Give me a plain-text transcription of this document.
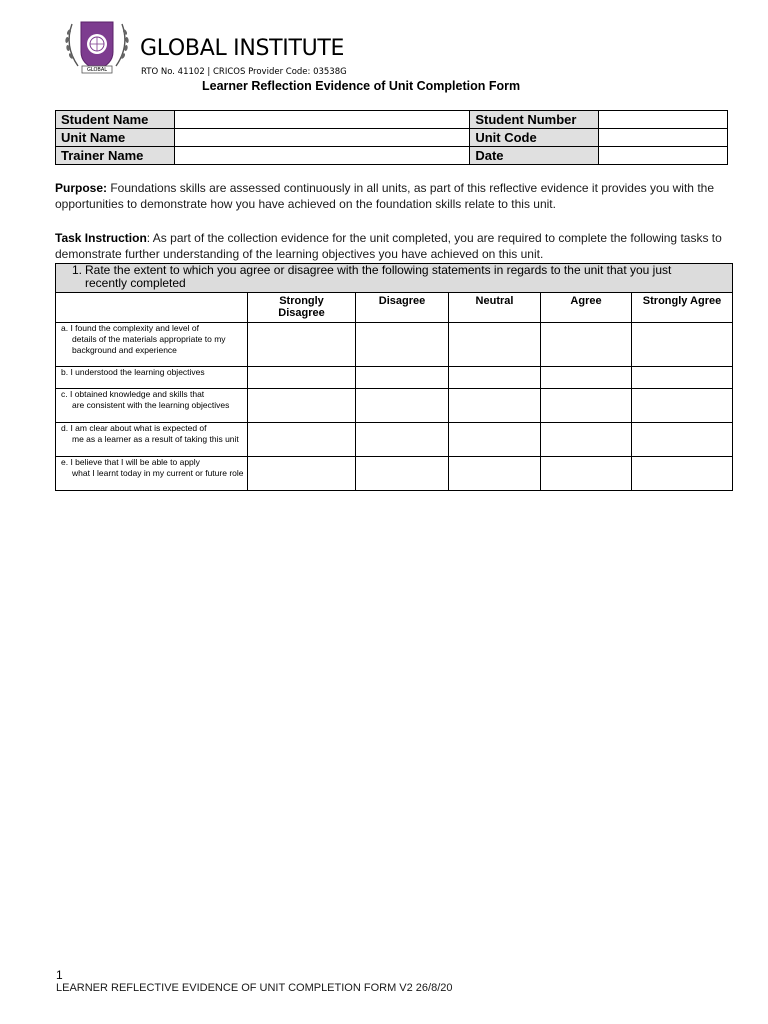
GLOBAL
GLOBAL INSTITUTE
RTO No. 41102 | CRICOS Provider Code: 03538G
Learner Reflection Evidence of Unit Completion Form
Student Name		Student Number	
Unit Name		Unit Code	
Trainer Name		Date	
Purpose: Foundations skills are assessed continuously in all units, as part of this reflective evidence it provides you with the opportunities to demonstrate how you have achieved on the foundation skills relate to this unit.
Task Instruction: As part of the collection evidence for the unit completed, you are required to complete the following tasks to demonstrate further understanding of the learning objectives you have achieved on this unit.
1. Rate the extent to which you agree or disagree with the following statements in regards to the unit that you just recently completed					
	Strongly Disagree	Disagree	Neutral	Agree	Strongly Agree
a. I found the complexity and level of
details of the materials appropriate to my background and experience					

b. I understood the learning objectives					
c. I obtained knowledge and skills that
are consistent with the learning objectives					

d. I am clear about what is expected of
me as a learner as a result of taking this unit					

e. I believe that I will be able to apply
what I learnt today in my current or future role					

1
LEARNER REFLECTIVE EVIDENCE OF UNIT COMPLETION FORM V2 26/8/20
